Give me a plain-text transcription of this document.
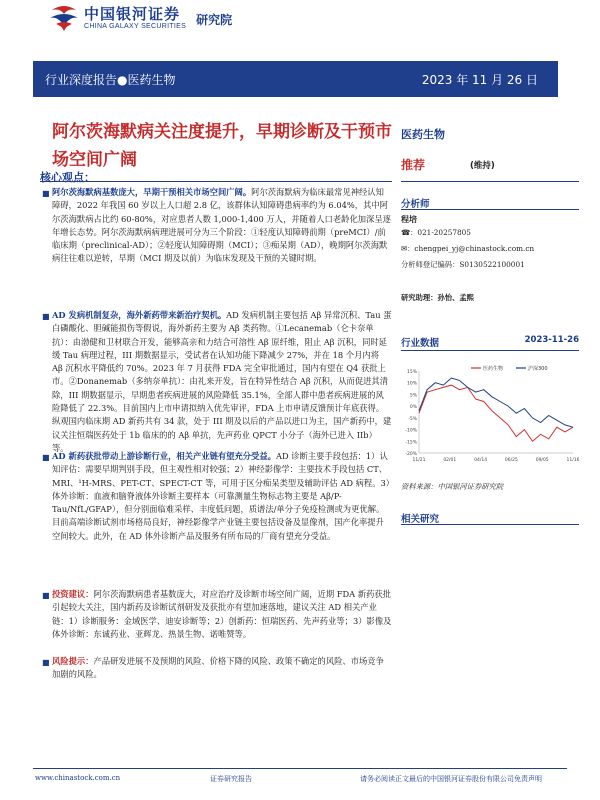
中国银河证券
CHINA GALAXY SECURITIES 研究院
行业深度报告●医药生物	2023 年 11 月 26 日
阿尔茨海默病关注度提升，早期诊断及干预市场空间广阔
核心观点：
■ 阿尔茨海默病基数庞大，早期干预相关市场空间广阔。阿尔茨海默病为临床最常见神经认知障碍，2022 年我国 60 岁以上人口超 2.8 亿，该群体认知障碍患病率约为 6.04%，其中阿尔茨海默病占比约 60-80%，对应患者人数 1,000-1,400 万人，并随着人口老龄化加深呈逐年增长态势。阿尔茨海默病病理进展可分为三个阶段：①轻度认知障碍前期（preMCI）/前临床期（preclinical-AD）；②轻度认知障碍期（MCI）；③痴呆期（AD），晚期阿尔茨海默病往往难以逆转，早期（MCI 期及以前）为临床发现及干预的关键时期。
■ AD 发病机制复杂，海外新药带来新治疗契机。AD 发病机制主要包括 Aβ 异常沉积、Tau 蛋白磷酸化、胆碱能损伤等假说，海外新药主要为 Aβ 类药物。①Lecanemab（仑卡奈单抗）：由渤健和卫材联合开发，能够高亲和力结合可溶性 Aβ 原纤维，阻止 Aβ 沉积，同时延缓 Tau 病理过程，III 期数据显示，受试者在认知功能下降减少 27%，并在 18 个月内将 Aβ 沉积水平降低约 70%。2023 年 7 月获得 FDA 完全审批通过，国内有望在 Q4 获批上市。②Donanemab（多纳奈单抗）：由礼来开发，旨在特异性结合 Aβ 沉积，从而促进其清除，III 期数据显示，早期患者疾病进展的风险降低 35.1%，全部人群中患者疾病进展的风险降低了 22.3%。目前国内上市申请拟纳入优先审评，FDA 上市申请反馈预计年底获得。纵观国内临床期 AD 新药共有 34 款，处于 III 期及以后的产品以进口为主，国产新药中，建议关注恒瑞医药处于 1b 临床的的 Aβ 单抗，先声药业 QPCT 小分子（海外已进入 IIb）等。
■ AD 新药获批带动上游诊断行业，相关产业链有望充分受益。AD 诊断主要手段包括：1）认知评估：需要早期判别手段，但主观性相对较强；2）神经影像学：主要技术手段包括 CT、MRI、¹H-MRS、PET-CT、SPECT-CT 等，可用于区分痴呆类型及辅助评估 AD 病程。3）体外诊断：血液和脑脊液体外诊断主要样本（可靠测量生物标志物主要是 Aβ/P-Tau/NfL/GFAP），但分别面临难采样、丰度低问题，质谱法/单分子免疫检测或为更优解。目前高端诊断试剂市场格局良好，神经影像学产业链主要包括设备及显像剂，国产化率提升空间较大。此外，在 AD 体外诊断产品及服务有所布局的厂商有望充分受益。
■ 投资建议：阿尔茨海默病患者基数庞大，对应治疗及诊断市场空间广阔，近期 FDA 新药获批引起较大关注，国内新药及诊断试剂研发及获批亦有望加速落地，建议关注 AD 相关产业链：1）诊断服务：金域医学、迪安诊断等；2）创新药：恒瑞医药、先声药业等；3）影像及体外诊断：东诚药业、亚辉龙、热景生物、诺唯赞等。
■ 风险提示：产品研发进展不及预期的风险、价格下降的风险、政策不确定的风险、市场竞争加剧的风险。
医药生物
推荐	(维持)
分析师
程培
☎：021-20257805
✉：chengpei_yj@chinastock.com.cn
分析师登记编码：S0130522100001
研究助理：孙怡、孟熙
行业数据	2023-11-26
15%
10%
5%
0%
-5%
-10%
-15%
-20%
11/21	02/01	04/14	06/25	09/05	11/16
医药生物	沪深300
资料来源：中国银河证券研究院
相关研究
www.chinastock.com.cn	证券研究报告	请务必阅读正文最后的中国银河证券股份有限公司免责声明
